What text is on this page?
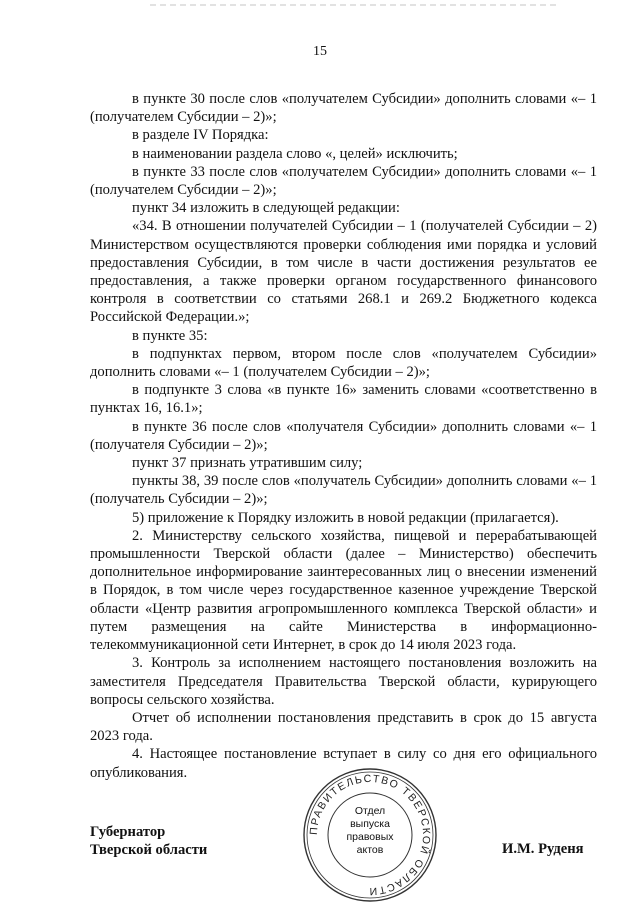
15

в пункте 30 после слов «получателем Субсидии» дополнить словами «– 1 (получателем Субсидии – 2)»;

в разделе IV Порядка:

в наименовании раздела слово «, целей» исключить;

в пункте 33 после слов «получателем Субсидии» дополнить словами «– 1 (получателем Субсидии – 2)»;

пункт 34 изложить в следующей редакции:

«34. В отношении получателей Субсидии – 1 (получателей Субсидии – 2) Министерством осуществляются проверки соблюдения ими порядка и условий предоставления Субсидии, в том числе в части достижения результатов ее предоставления, а также проверки органом государственного финансового контроля в соответствии со статьями 268.1 и 269.2 Бюджетного кодекса Российской Федерации.»;

в пункте 35:

в подпунктах первом, втором после слов «получателем Субсидии» дополнить словами «– 1 (получателем Субсидии – 2)»;

в подпункте 3 слова «в пункте 16» заменить словами «соответственно в пунктах 16, 16.1»;

в пункте 36 после слов «получателя Субсидии» дополнить словами «– 1 (получателя Субсидии – 2)»;

пункт 37 признать утратившим силу;

пункты 38, 39 после слов «получатель Субсидии» дополнить словами «– 1 (получатель Субсидии – 2)»;

5) приложение к Порядку изложить в новой редакции (прилагается).

2. Министерству сельского хозяйства, пищевой и перерабатывающей промышленности Тверской области (далее – Министерство) обеспечить дополнительное информирование заинтересованных лиц о внесении изменений в Порядок, в том числе через государственное казенное учреждение Тверской области «Центр развития агропромышленного комплекса Тверской области» и путем размещения на сайте Министерства в информационно-телекоммуникационной сети Интернет, в срок до 14 июля 2023 года.

3. Контроль за исполнением настоящего постановления возложить на заместителя Председателя Правительства Тверской области, курирующего вопросы сельского хозяйства.

Отчет об исполнении постановления представить в срок до 15 августа 2023 года.

4. Настоящее постановление вступает в силу со дня его официального опубликования.

Губернатор
Тверской области
ПРАВИТЕЛЬСТВО ТВЕРСКОЙ ОБЛАСТИ
Отдел
выпуска
правовых
актов	И.М. Руденя
